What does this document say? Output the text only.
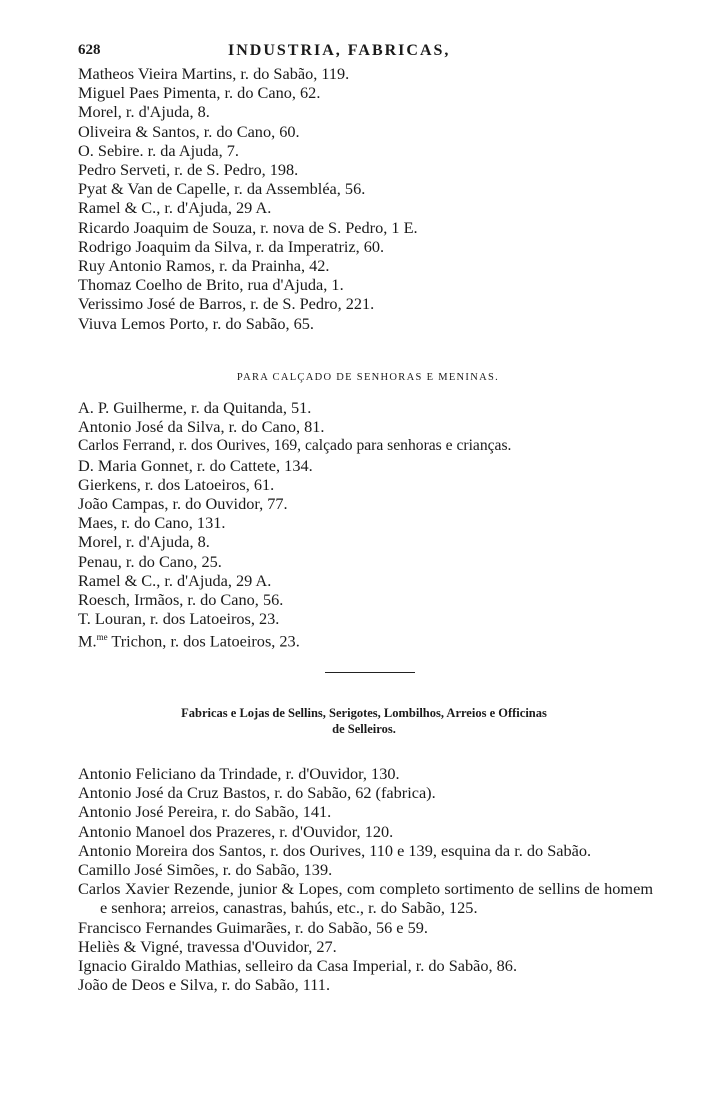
628	INDUSTRIA, FABRICAS,
Matheos Vieira Martins, r. do Sabão, 119.
Miguel Paes Pimenta, r. do Cano, 62.
Morel, r. d'Ajuda, 8.
Oliveira & Santos, r. do Cano, 60.
O. Sebire. r. da Ajuda, 7.
Pedro Serveti, r. de S. Pedro, 198.
Pyat & Van de Capelle, r. da Assembléa, 56.
Ramel & C., r. d'Ajuda, 29 A.
Ricardo Joaquim de Souza, r. nova de S. Pedro, 1 E.
Rodrigo Joaquim da Silva, r. da Imperatriz, 60.
Ruy Antonio Ramos, r. da Prainha, 42.
Thomaz Coelho de Brito, rua d'Ajuda, 1.
Verissimo José de Barros, r. de S. Pedro, 221.
Viuva Lemos Porto, r. do Sabão, 65.
PARA CALÇADO DE SENHORAS E MENINAS.
A. P. Guilherme, r. da Quitanda, 51.
Antonio José da Silva, r. do Cano, 81.
Carlos Ferrand, r. dos Ourives, 169, calçado para senhoras e crianças.
D. Maria Gonnet, r. do Cattete, 134.
Gierkens, r. dos Latoeiros, 61.
João Campas, r. do Ouvidor, 77.
Maes, r. do Cano, 131.
Morel, r. d'Ajuda, 8.
Penau, r. do Cano, 25.
Ramel & C., r. d'Ajuda, 29 A.
Roesch, Irmãos, r. do Cano, 56.
T. Louran, r. dos Latoeiros, 23.
M.$^{me}$ Trichon, r. dos Latoeiros, 23.
Fabricas e Lojas de Sellins, Serigotes, Lombilhos, Arreios e Officinas
de Selleiros.
Antonio Feliciano da Trindade, r. d'Ouvidor, 130.
Antonio José da Cruz Bastos, r. do Sabão, 62 (fabrica).
Antonio José Pereira, r. do Sabão, 141.
Antonio Manoel dos Prazeres, r. d'Ouvidor, 120.
Antonio Moreira dos Santos, r. dos Ourives, 110 e 139, esquina da r. do Sabão.
Camillo José Simões, r. do Sabão, 139.
Carlos Xavier Rezende, junior & Lopes, com completo sortimento de sellins de homem e senhora; arreios, canastras, bahús, etc., r. do Sabão, 125.
Francisco Fernandes Guimarães, r. do Sabão, 56 e 59.
Heliès & Vigné, travessa d'Ouvidor, 27.
Ignacio Giraldo Mathias, selleiro da Casa Imperial, r. do Sabão, 86.
João de Deos e Silva, r. do Sabão, 111.
